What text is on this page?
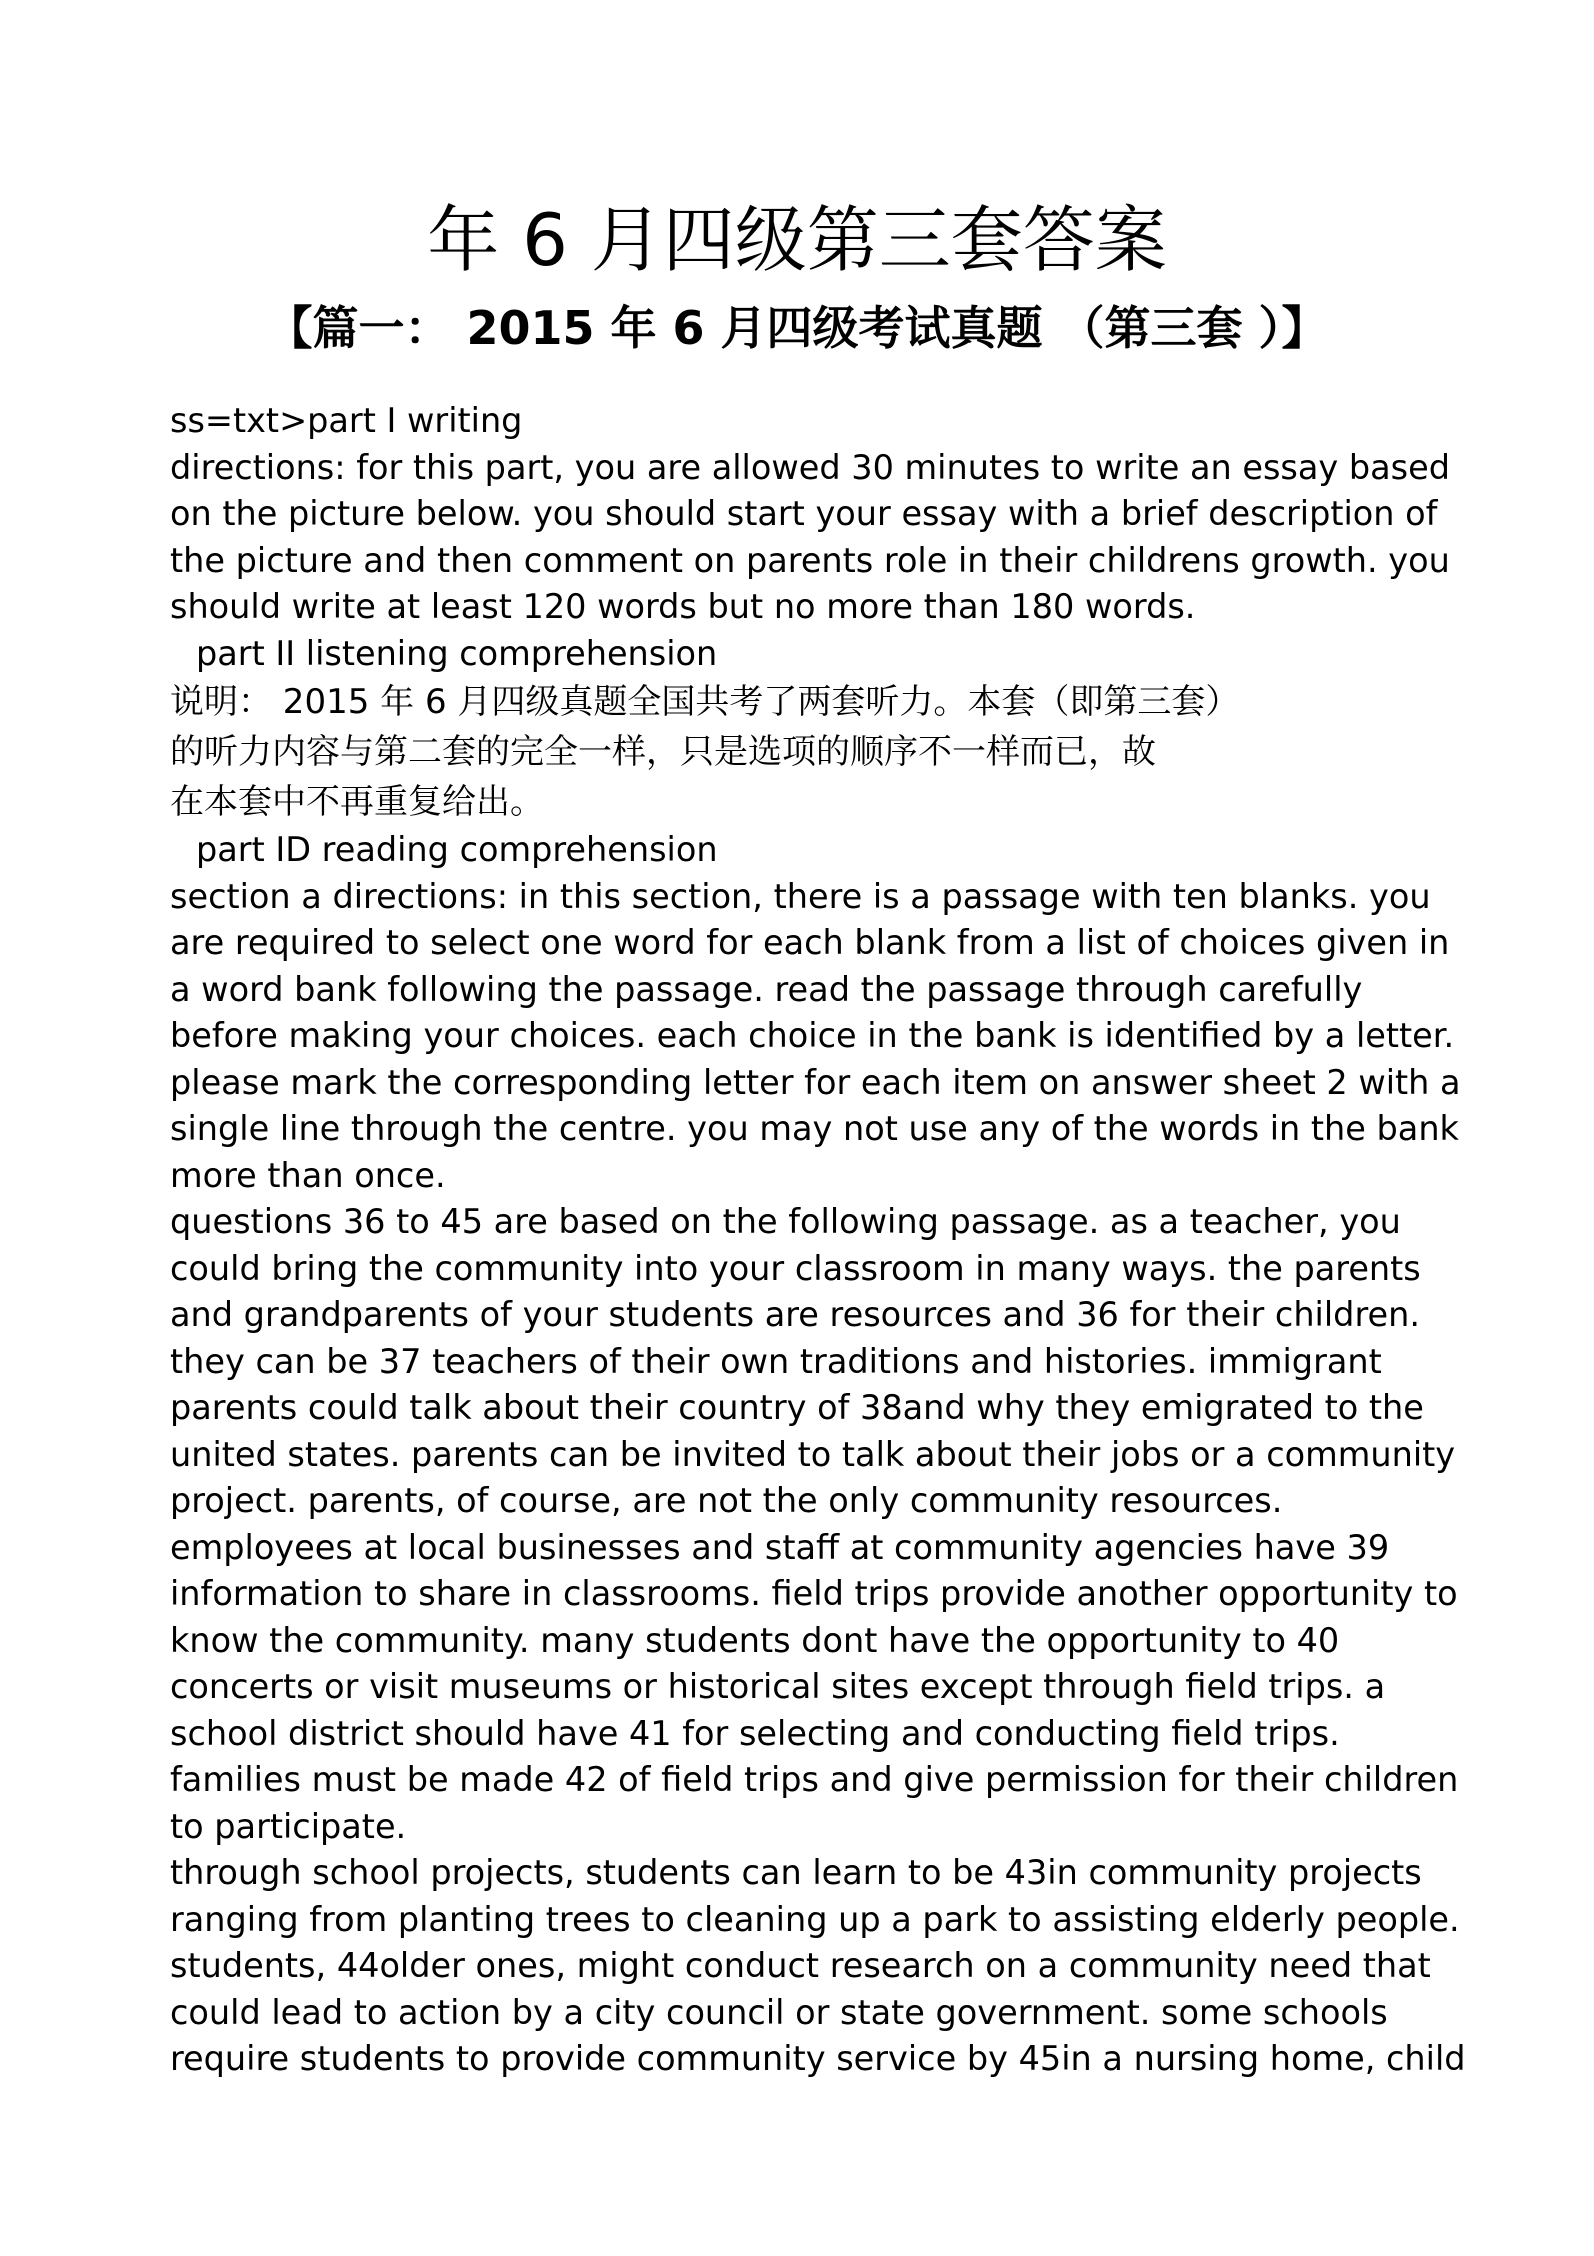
年 6 月四级第三套答案
【篇一： 2015 年 6 月四级考试真题 （第三套 ）】
ss=txt>part I writing
directions: for this part, you are allowed 30 minutes to write an essay based
on the picture below. you should start your essay with a brief description of
the picture and then comment on parents role in their childrens growth. you
should write at least 120 words but no more than 180 words.
part II listening comprehension
说明： 2015 年 6 月四级真题全国共考了两套听力。本套（即第三套）
的听力内容与第二套的完全一样，只是选项的顺序不一样而已，故
在本套中不再重复给出。
part ID reading comprehension
section a directions: in this section, there is a passage with ten blanks. you
are required to select one word for each blank from a list of choices given in
a word bank following the passage. read the passage through carefully
before making your choices. each choice in the bank is identified by a letter.
please mark the corresponding letter for each item on answer sheet 2 with a
single line through the centre. you may not use any of the words in the bank
more than once.
questions 36 to 45 are based on the following passage. as a teacher, you
could bring the community into your classroom in many ways. the parents
and grandparents of your students are resources and 36 for their children.
they can be 37 teachers of their own traditions and histories. immigrant
parents could talk about their country of 38and why they emigrated to the
united states. parents can be invited to talk about their jobs or a community
project. parents, of course, are not the only community resources.
employees at local businesses and staff at community agencies have 39
information to share in classrooms. field trips provide another opportunity to
know the community. many students dont have the opportunity to 40
concerts or visit museums or historical sites except through field trips. a
school district should have 41 for selecting and conducting field trips.
families must be made 42 of field trips and give permission for their children
to participate.
through school projects, students can learn to be 43in community projects
ranging from planting trees to cleaning up a park to assisting elderly people.
students, 44older ones, might conduct research on a community need that
could lead to action by a city council or state government. some schools
require students to provide community service by 45in a nursing home, child
